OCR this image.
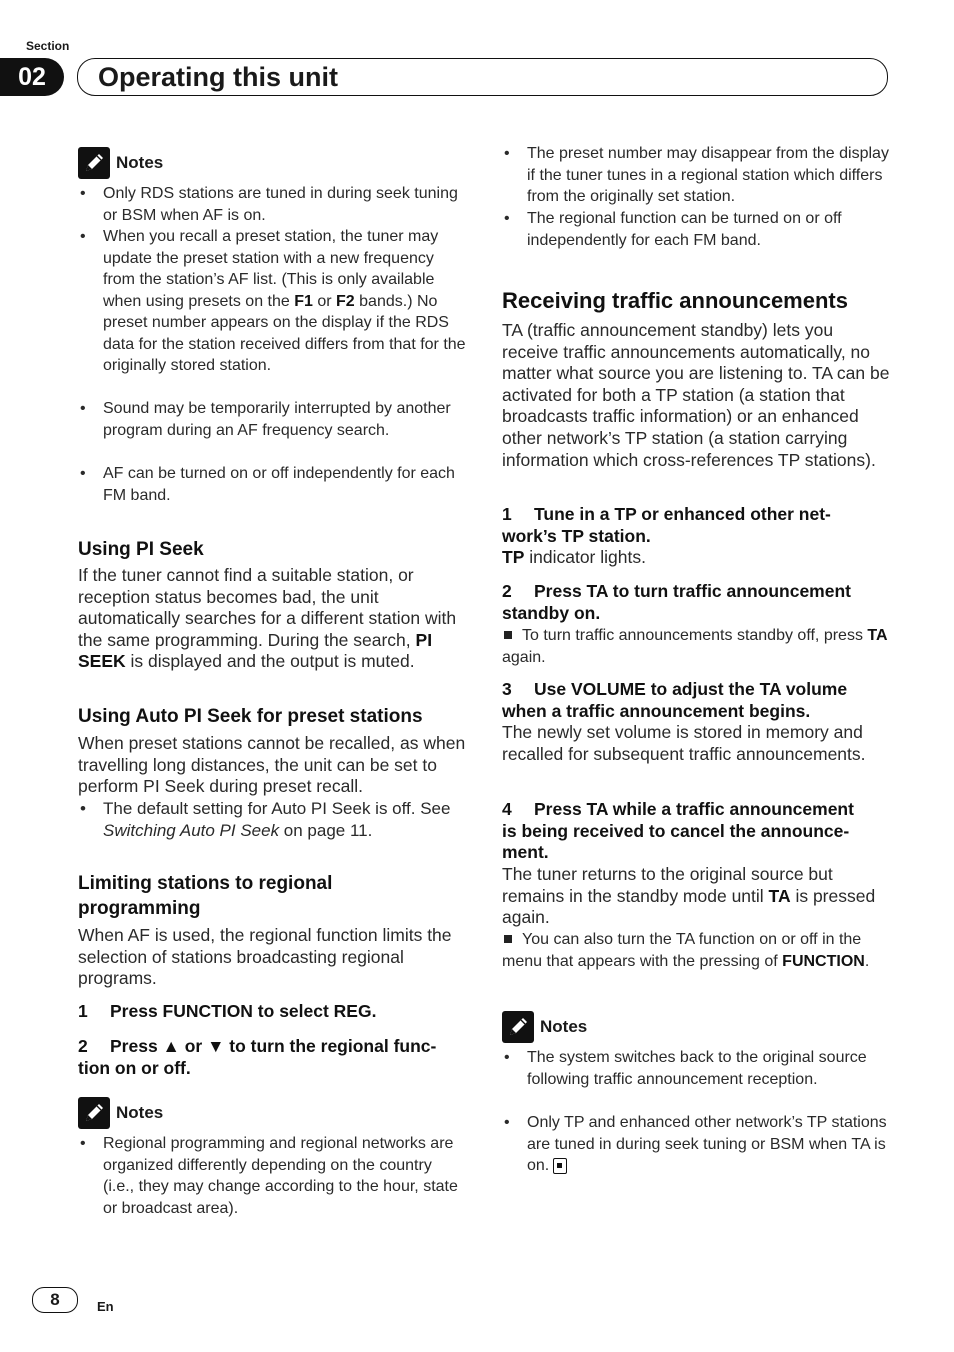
Section
02	Operating this unit
Notes
• Only RDS stations are tuned in during seek tuning or BSM when AF is on.
• When you recall a preset station, the tuner may update the preset station with a new frequency from the station’s AF list. (This is only available when using presets on the F1 or F2 bands.) No preset number appears on the display if the RDS data for the station received differs from that for the originally stored station.
• Sound may be temporarily interrupted by another program during an AF frequency search.
• AF can be turned on or off independently for each FM band.
Using PI Seek
If the tuner cannot find a suitable station, or reception status becomes bad, the unit automatically searches for a different station with the same programming. During the search, PI SEEK is displayed and the output is muted.
Using Auto PI Seek for preset stations
When preset stations cannot be recalled, as when travelling long distances, the unit can be set to perform PI Seek during preset recall.
• The default setting for Auto PI Seek is off. See Switching Auto PI Seek on page 11.
Limiting stations to regional
programming
When AF is used, the regional function limits the selection of stations broadcasting regional programs.
1 Press FUNCTION to select REG.
2 Press ▲ or ▼ to turn the regional func-
tion on or off.
Notes
• Regional programming and regional networks are organized differently depending on the country (i.e., they may change according to the hour, state or broadcast area).
• The preset number may disappear from the display if the tuner tunes in a regional station which differs from the originally set station.
• The regional function can be turned on or off independently for each FM band.
Receiving traffic announcements
TA (traffic announcement standby) lets you receive traffic announcements automatically, no matter what source you are listening to. TA can be activated for both a TP station (a station that broadcasts traffic information) or an enhanced other network’s TP station (a station carrying information which cross-references TP stations).
1 Tune in a TP or enhanced other net-
work’s TP station.
TP indicator lights.
2 Press TA to turn traffic announcement
standby on.
To turn traffic announcements standby off, press TA again.
3 Use VOLUME to adjust the TA volume
when a traffic announcement begins.
The newly set volume is stored in memory and recalled for subsequent traffic announcements.
4 Press TA while a traffic announcement
is being received to cancel the announce-
ment.
The tuner returns to the original source but remains in the standby mode until TA is pressed again.
You can also turn the TA function on or off in the menu that appears with the pressing of FUNCTION.
Notes
• The system switches back to the original source following traffic announcement reception.
• Only TP and enhanced other network’s TP stations are tuned in during seek tuning or BSM when TA is on.
8	En
